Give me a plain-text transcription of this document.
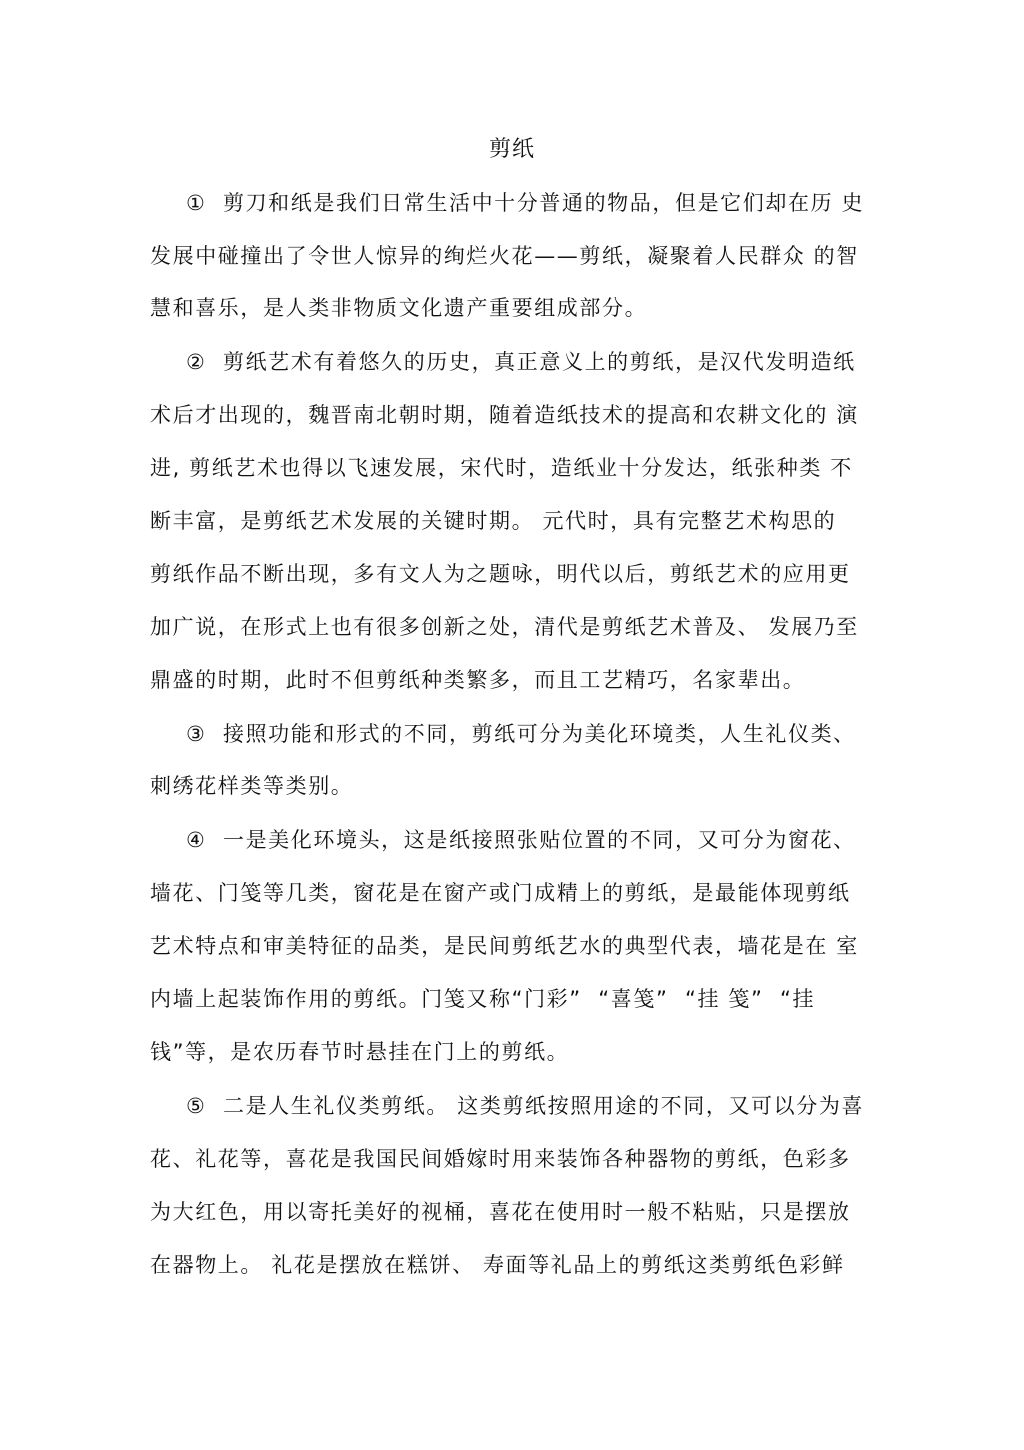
剪纸
①  剪刀和纸是我们日常生活中十分普通的物品，但是它们却在历 史
发展中碰撞出了令世人惊异的绚烂火花——剪纸，凝聚着人民群众 的智
慧和喜乐，是人类非物质文化遗产重要组成部分。
②  剪纸艺术有着悠久的历史，真正意义上的剪纸，是汉代发明造纸
术后才出现的，魏晋南北朝时期，随着造纸技术的提高和农耕文化的 演
进, 剪纸艺术也得以飞速发展，宋代时，造纸业十分发达，纸张种类 不
断丰富，是剪纸艺术发展的关键时期。 元代时，具有完整艺术构思的
剪纸作品不断出现，多有文人为之题咏，明代以后，剪纸艺术的应用更
加广说，在形式上也有很多创新之处，清代是剪纸艺术普及、 发展乃至
鼎盛的时期，此时不但剪纸种类繁多，而且工艺精巧，名家辈出。
③  接照功能和形式的不同，剪纸可分为美化环境类，人生礼仪类、
刺绣花样类等类别。
④  一是美化环境头，这是纸接照张贴位置的不同，又可分为窗花、
墙花、门笺等几类，窗花是在窗产或门成精上的剪纸，是最能体现剪纸
艺术特点和审美特征的品类，是民间剪纸艺水的典型代表，墙花是在 室
内墙上起装饰作用的剪纸。门笺又称“门彩”  “喜笺”  “挂 笺”  “挂
钱”等，是农历春节时悬挂在门上的剪纸。
⑤  二是人生礼仪类剪纸。 这类剪纸按照用途的不同，又可以分为喜
花、礼花等，喜花是我国民间婚嫁时用来装饰各种器物的剪纸，色彩多
为大红色，用以寄托美好的视桶，喜花在使用时一般不粘贴，只是摆放
在器物上。 礼花是摆放在糕饼、 寿面等礼品上的剪纸这类剪纸色彩鲜
